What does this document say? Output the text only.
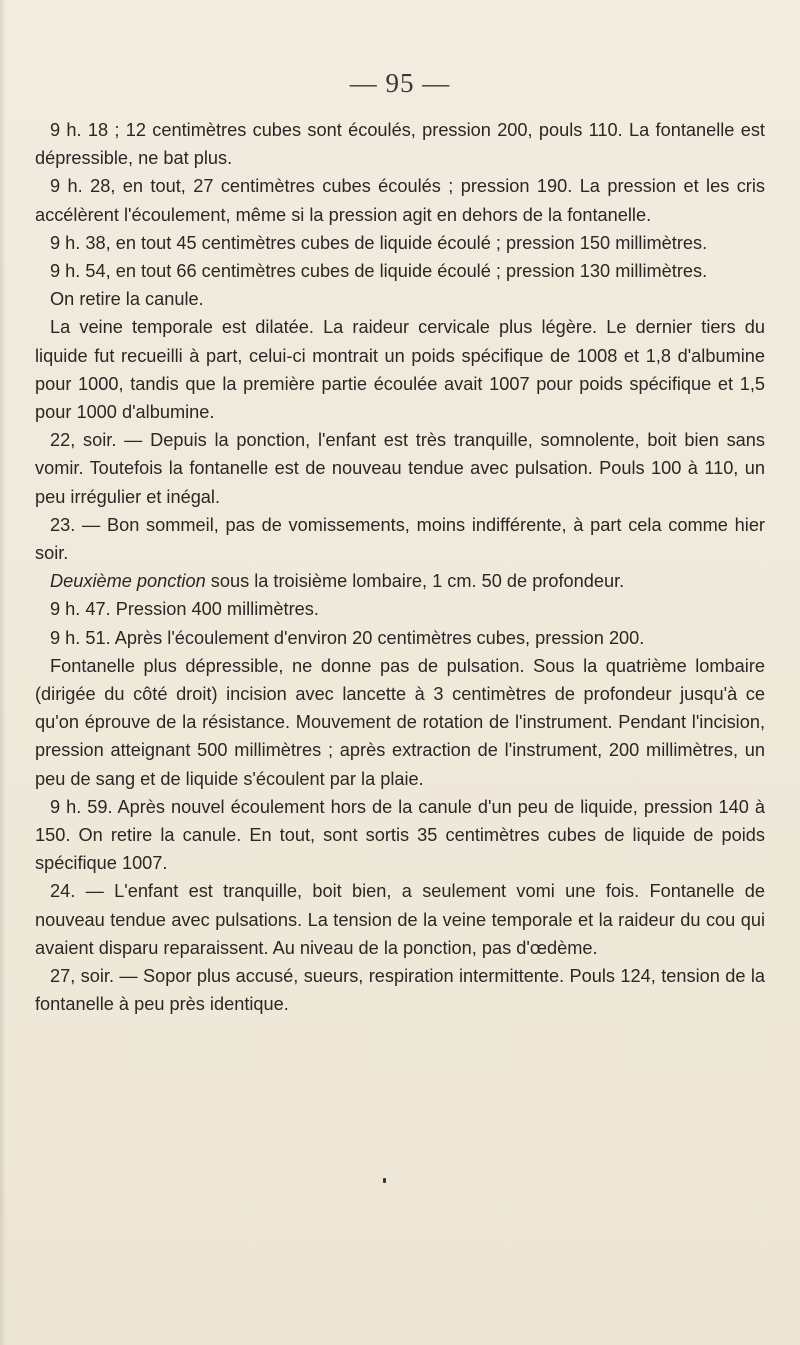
— 95 —

9 h. 18 ; 12 centimètres cubes sont écoulés, pression 200, pouls 110. La fontanelle est dépressible, ne bat plus.

9 h. 28, en tout, 27 centimètres cubes écoulés ; pression 190. La pression et les cris accélèrent l'écoulement, même si la pression agit en dehors de la fontanelle.

9 h. 38, en tout 45 centimètres cubes de liquide écoulé ; pression 150 millimètres.

9 h. 54, en tout 66 centimètres cubes de liquide écoulé ; pression 130 millimètres.

On retire la canule.

La veine temporale est dilatée. La raideur cervicale plus légère. Le dernier tiers du liquide fut recueilli à part, celui-ci montrait un poids spécifique de 1008 et 1,8 d'albumine pour 1000, tandis que la première partie écoulée avait 1007 pour poids spécifique et 1,5 pour 1000 d'albumine.

22, soir. — Depuis la ponction, l'enfant est très tranquille, somnolente, boit bien sans vomir. Toutefois la fontanelle est de nouveau tendue avec pulsation. Pouls 100 à 110, un peu irrégulier et inégal.

23. — Bon sommeil, pas de vomissements, moins indifférente, à part cela comme hier soir.

Deuxième ponction sous la troisième lombaire, 1 cm. 50 de profondeur.

9 h. 47. Pression 400 millimètres.

9 h. 51. Après l'écoulement d'environ 20 centimètres cubes, pression 200.

Fontanelle plus dépressible, ne donne pas de pulsation. Sous la quatrième lombaire (dirigée du côté droit) incision avec lancette à 3 centimètres de profondeur jusqu'à ce qu'on éprouve de la résistance. Mouvement de rotation de l'instrument. Pendant l'incision, pression atteignant 500 millimètres ; après extraction de l'instrument, 200 millimètres, un peu de sang et de liquide s'écoulent par la plaie.

9 h. 59. Après nouvel écoulement hors de la canule d'un peu de liquide, pression 140 à 150. On retire la canule. En tout, sont sortis 35 centimètres cubes de liquide de poids spécifique 1007.

24. — L'enfant est tranquille, boit bien, a seulement vomi une fois. Fontanelle de nouveau tendue avec pulsations. La tension de la veine temporale et la raideur du cou qui avaient disparu reparaissent. Au niveau de la ponction, pas d'œdème.

27, soir. — Sopor plus accusé, sueurs, respiration intermittente. Pouls 124, tension de la fontanelle à peu près identique.
